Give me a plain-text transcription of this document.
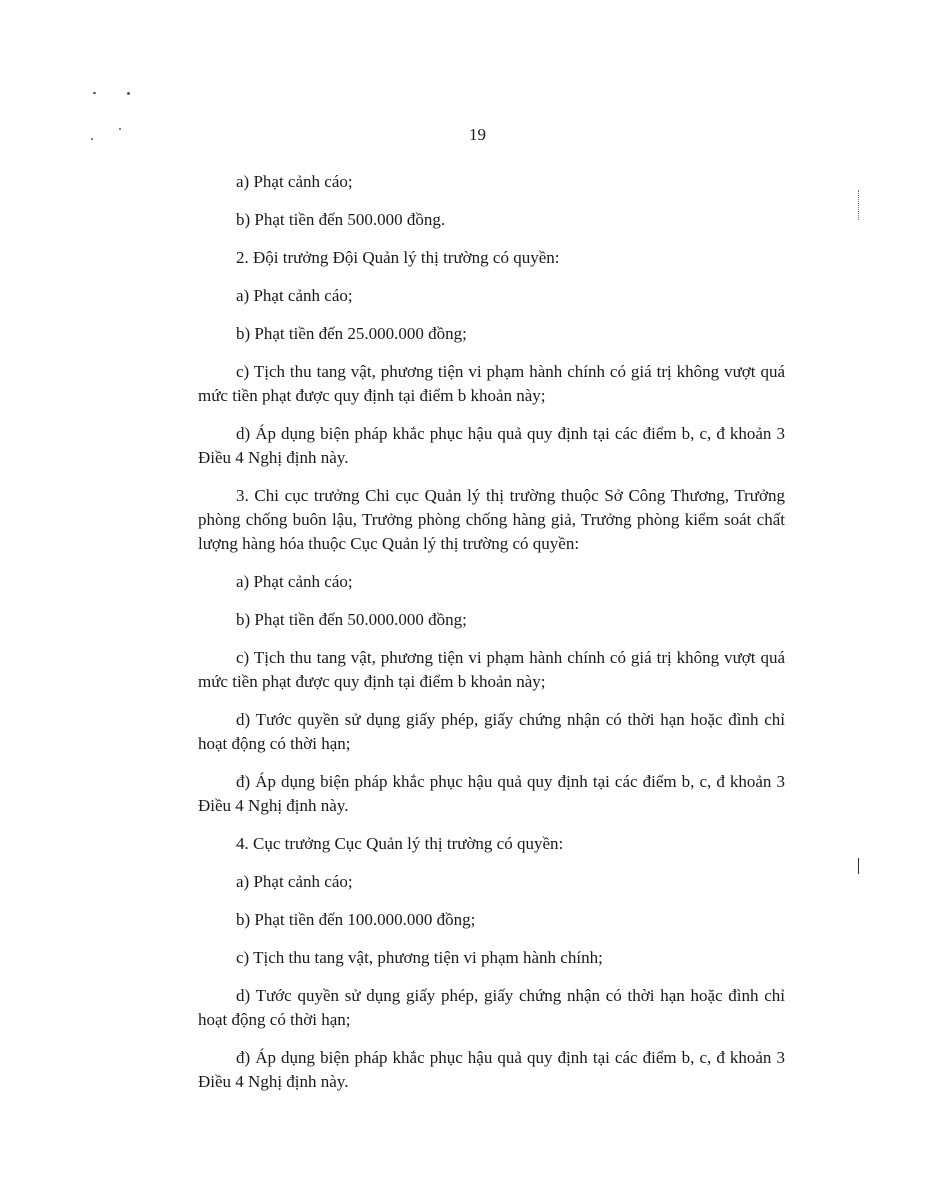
19

a) Phạt cảnh cáo;

b) Phạt tiền đến 500.000 đồng.

2. Đội trưởng Đội Quản lý thị trường có quyền:

a) Phạt cảnh cáo;

b) Phạt tiền đến 25.000.000 đồng;

c) Tịch thu tang vật, phương tiện vi phạm hành chính có giá trị không vượt quá mức tiền phạt được quy định tại điểm b khoản này;

d) Áp dụng biện pháp khắc phục hậu quả quy định tại các điểm b, c, đ khoản 3 Điều 4 Nghị định này.

3. Chi cục trưởng Chi cục Quản lý thị trường thuộc Sở Công Thương, Trưởng phòng chống buôn lậu, Trưởng phòng chống hàng giả, Trưởng phòng kiểm soát chất lượng hàng hóa thuộc Cục Quản lý thị trường có quyền:

a) Phạt cảnh cáo;

b) Phạt tiền đến 50.000.000 đồng;

c) Tịch thu tang vật, phương tiện vi phạm hành chính có giá trị không vượt quá mức tiền phạt được quy định tại điểm b khoản này;

d) Tước quyền sử dụng giấy phép, giấy chứng nhận có thời hạn hoặc đình chỉ hoạt động có thời hạn;

đ) Áp dụng biện pháp khắc phục hậu quả quy định tại các điểm b, c, đ khoản 3 Điều 4 Nghị định này.

4. Cục trưởng Cục Quản lý thị trường có quyền:

a) Phạt cảnh cáo;

b) Phạt tiền đến 100.000.000 đồng;

c) Tịch thu tang vật, phương tiện vi phạm hành chính;

d) Tước quyền sử dụng giấy phép, giấy chứng nhận có thời hạn hoặc đình chỉ hoạt động có thời hạn;

đ) Áp dụng biện pháp khắc phục hậu quả quy định tại các điểm b, c, đ khoản 3 Điều 4 Nghị định này.
